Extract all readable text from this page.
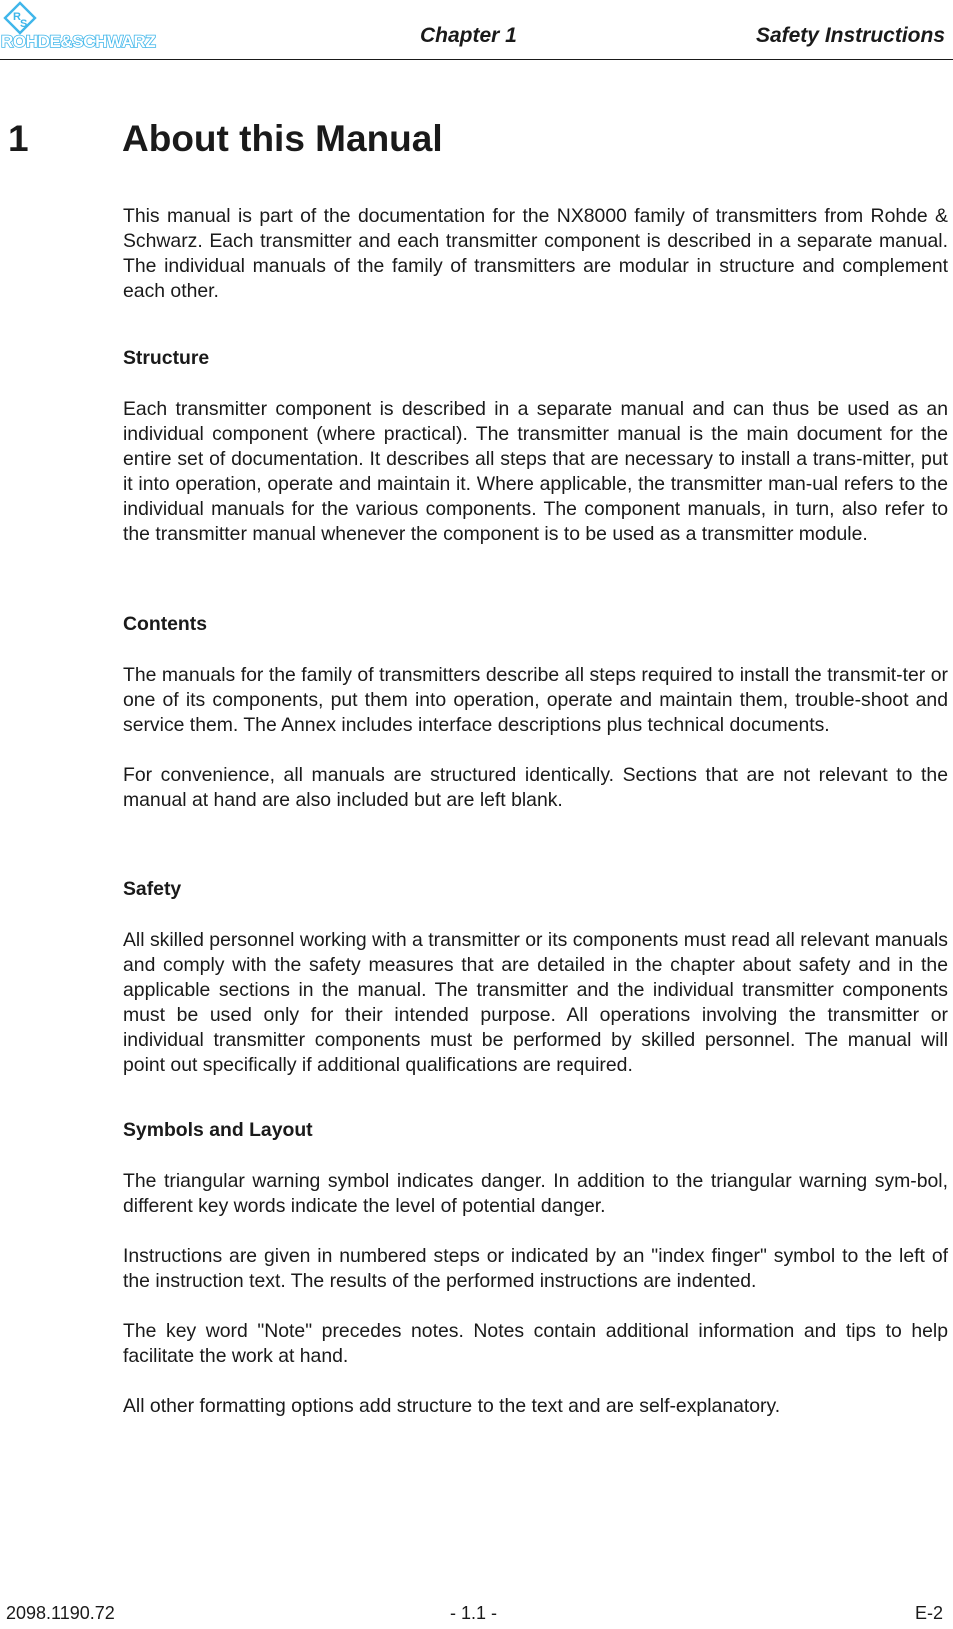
R
S
ROHDE&SCHWARZ	Chapter 1	Safety Instructions
1	About this Manual

This manual is part of the documentation for the NX8000 family of transmitters from Rohde & Schwarz. Each transmitter and each transmitter component is described in a separate manual. The individual manuals of the family of transmitters are modular in structure and complement each other.

Structure

Each transmitter component is described in a separate manual and can thus be used as an individual component (where practical). The transmitter manual is the main document for the entire set of documentation. It describes all steps that are necessary to install a trans-mitter, put it into operation, operate and maintain it. Where applicable, the transmitter man-ual refers to the individual manuals for the various components. The component manuals, in turn, also refer to the transmitter manual whenever the component is to be used as a transmitter module.

Contents

The manuals for the family of transmitters describe all steps required to install the transmit-ter or one of its components, put them into operation, operate and maintain them, trouble-shoot and service them. The Annex includes interface descriptions plus technical documents.

For convenience, all manuals are structured identically. Sections that are not relevant to the manual at hand are also included but are left blank.

Safety

All skilled personnel working with a transmitter or its components must read all relevant manuals and comply with the safety measures that are detailed in the chapter about safety and in the applicable sections in the manual. The transmitter and the individual transmitter components must be used only for their intended purpose. All operations involving the transmitter or individual transmitter components must be performed by skilled personnel. The manual will point out specifically if additional qualifications are required.

Symbols and Layout

The triangular warning symbol indicates danger. In addition to the triangular warning sym-bol, different key words indicate the level of potential danger.

Instructions are given in numbered steps or indicated by an "index finger" symbol to the left of the instruction text. The results of the performed instructions are indented.

The key word "Note" precedes notes. Notes contain additional information and tips to help facilitate the work at hand.

All other formatting options add structure to the text and are self-explanatory.

2098.1190.72	- 1.1 -	E-2
